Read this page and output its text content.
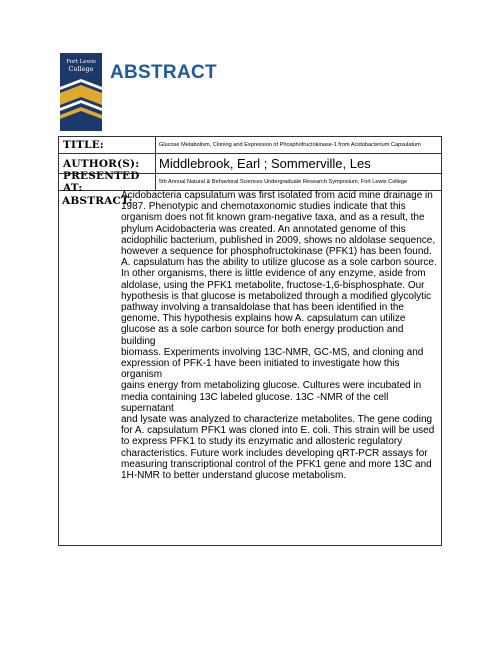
Fort Lewis
College ABSTRACT
TITLE:	Glucose Metabolism, Cloning and Expression of Phosphofructokinase-1 from Acidobacterium Capsulatum
AUTHOR(S):	Middlebrook, Earl ; Sommerville, Les
PRESENTED AT:	5th Annual Natural & Behavioral Sciences Undergraduate Research Symposium, Fort Lewis College
ABSTRACT:
Acidobacteria capsulatum was first isolated from acid mine drainage in
1987. Phenotypic and chemotaxonomic studies indicate that this
organism does not fit known gram-negative taxa, and as a result, the
phylum Acidobacteria was created. An annotated genome of this
acidophilic bacterium, published in 2009, shows no aldolase sequence,
however a sequence for phosphofructokinase (PFK1) has been found.
A. capsulatum has the ability to utilize glucose as a sole carbon source.
In other organisms, there is little evidence of any enzyme, aside from
aldolase, using the PFK1 metabolite, fructose-1,6-bisphosphate. Our
hypothesis is that glucose is metabolized through a modified glycolytic
pathway involving a transaldolase that has been identified in the
genome. This hypothesis explains how A. capsulatum can utilize
glucose as a sole carbon source for both energy production and building
biomass. Experiments involving 13C-NMR, GC-MS, and cloning and
expression of PFK-1 have been initiated to investigate how this organism
gains energy from metabolizing glucose. Cultures were incubated in
media containing 13C labeled glucose. 13C -NMR of the cell supernatant
and lysate was analyzed to characterize metabolites. The gene coding
for A. capsulatum PFK1 was cloned into E. coli. This strain will be used
to express PFK1 to study its enzymatic and allosteric regulatory
characteristics. Future work includes developing qRT-PCR assays for
measuring transcriptional control of the PFK1 gene and more 13C and
1H-NMR to better understand glucose metabolism.
